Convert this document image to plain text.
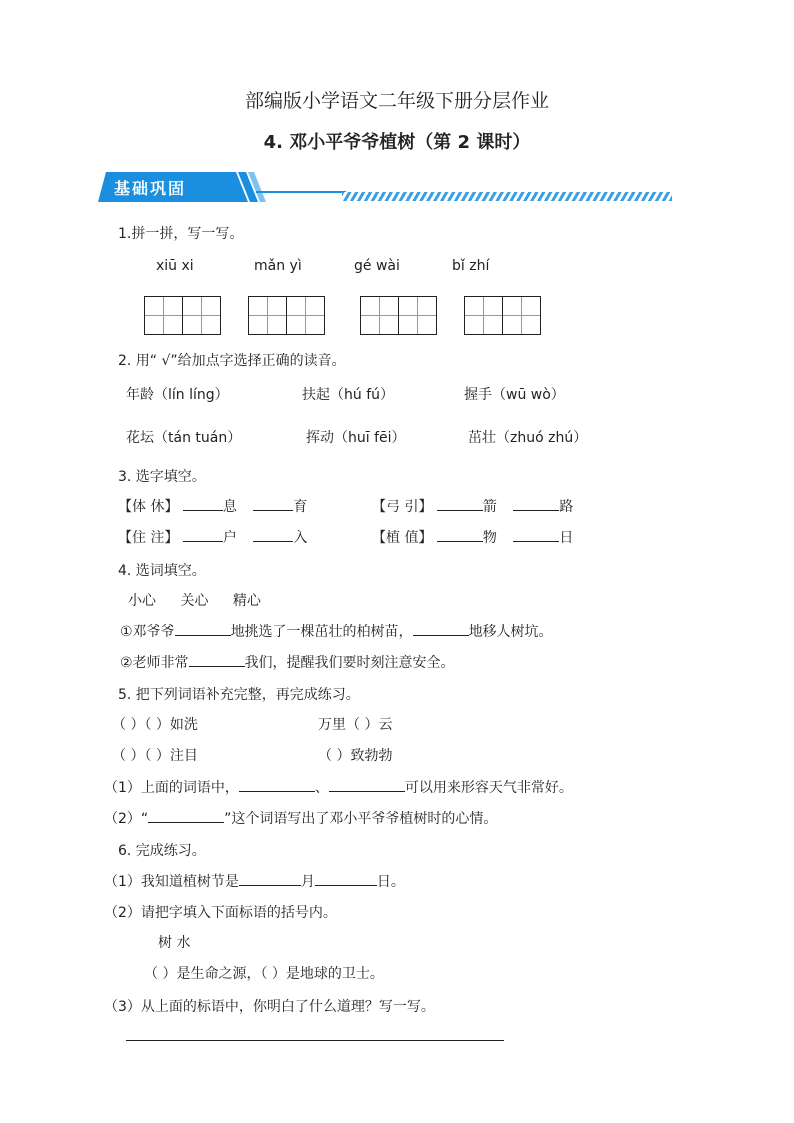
部编版小学语文二年级下册分层作业
4. 邓小平爷爷植树（第 2 课时）
基础巩固
1.拼一拼，写一写。
xiū xi	mǎn yì	gé wài	bǐ zhí
2. 用“ √”给加点字选择正确的读音。
年龄（lín líng）	扶起（hú fú）	握手（wū wò）
花坛（tán tuán）	挥动（huī fēi）	茁壮（zhuó zhú）
3. 选字填空。
【体 休】	息	育	【弓 引】	箭	路
【住 注】	户	入	【植 值】	物	日
4. 选词填空。
小心 关心 精心
①邓爷爷	地挑选了一棵茁壮的柏树苗，	地移人树坑。
②老师非常	我们，提醒我们要时刻注意安全。
5. 把下列词语补充完整，再完成练习。
（ ）（ ）如洗	万里（ ）云
（ ）（ ）注目	（ ）致勃勃
（1）上面的词语中，	、	可以用来形容天气非常好。
（2）“	”这个词语写出了邓小平爷爷植树时的心情。
6. 完成练习。
（1）我知道植树节是	月	日。
（2）请把字填入下面标语的括号内。
树 水
（ ）是生命之源，（ ）是地球的卫士。
（3）从上面的标语中，你明白了什么道理？写一写。
